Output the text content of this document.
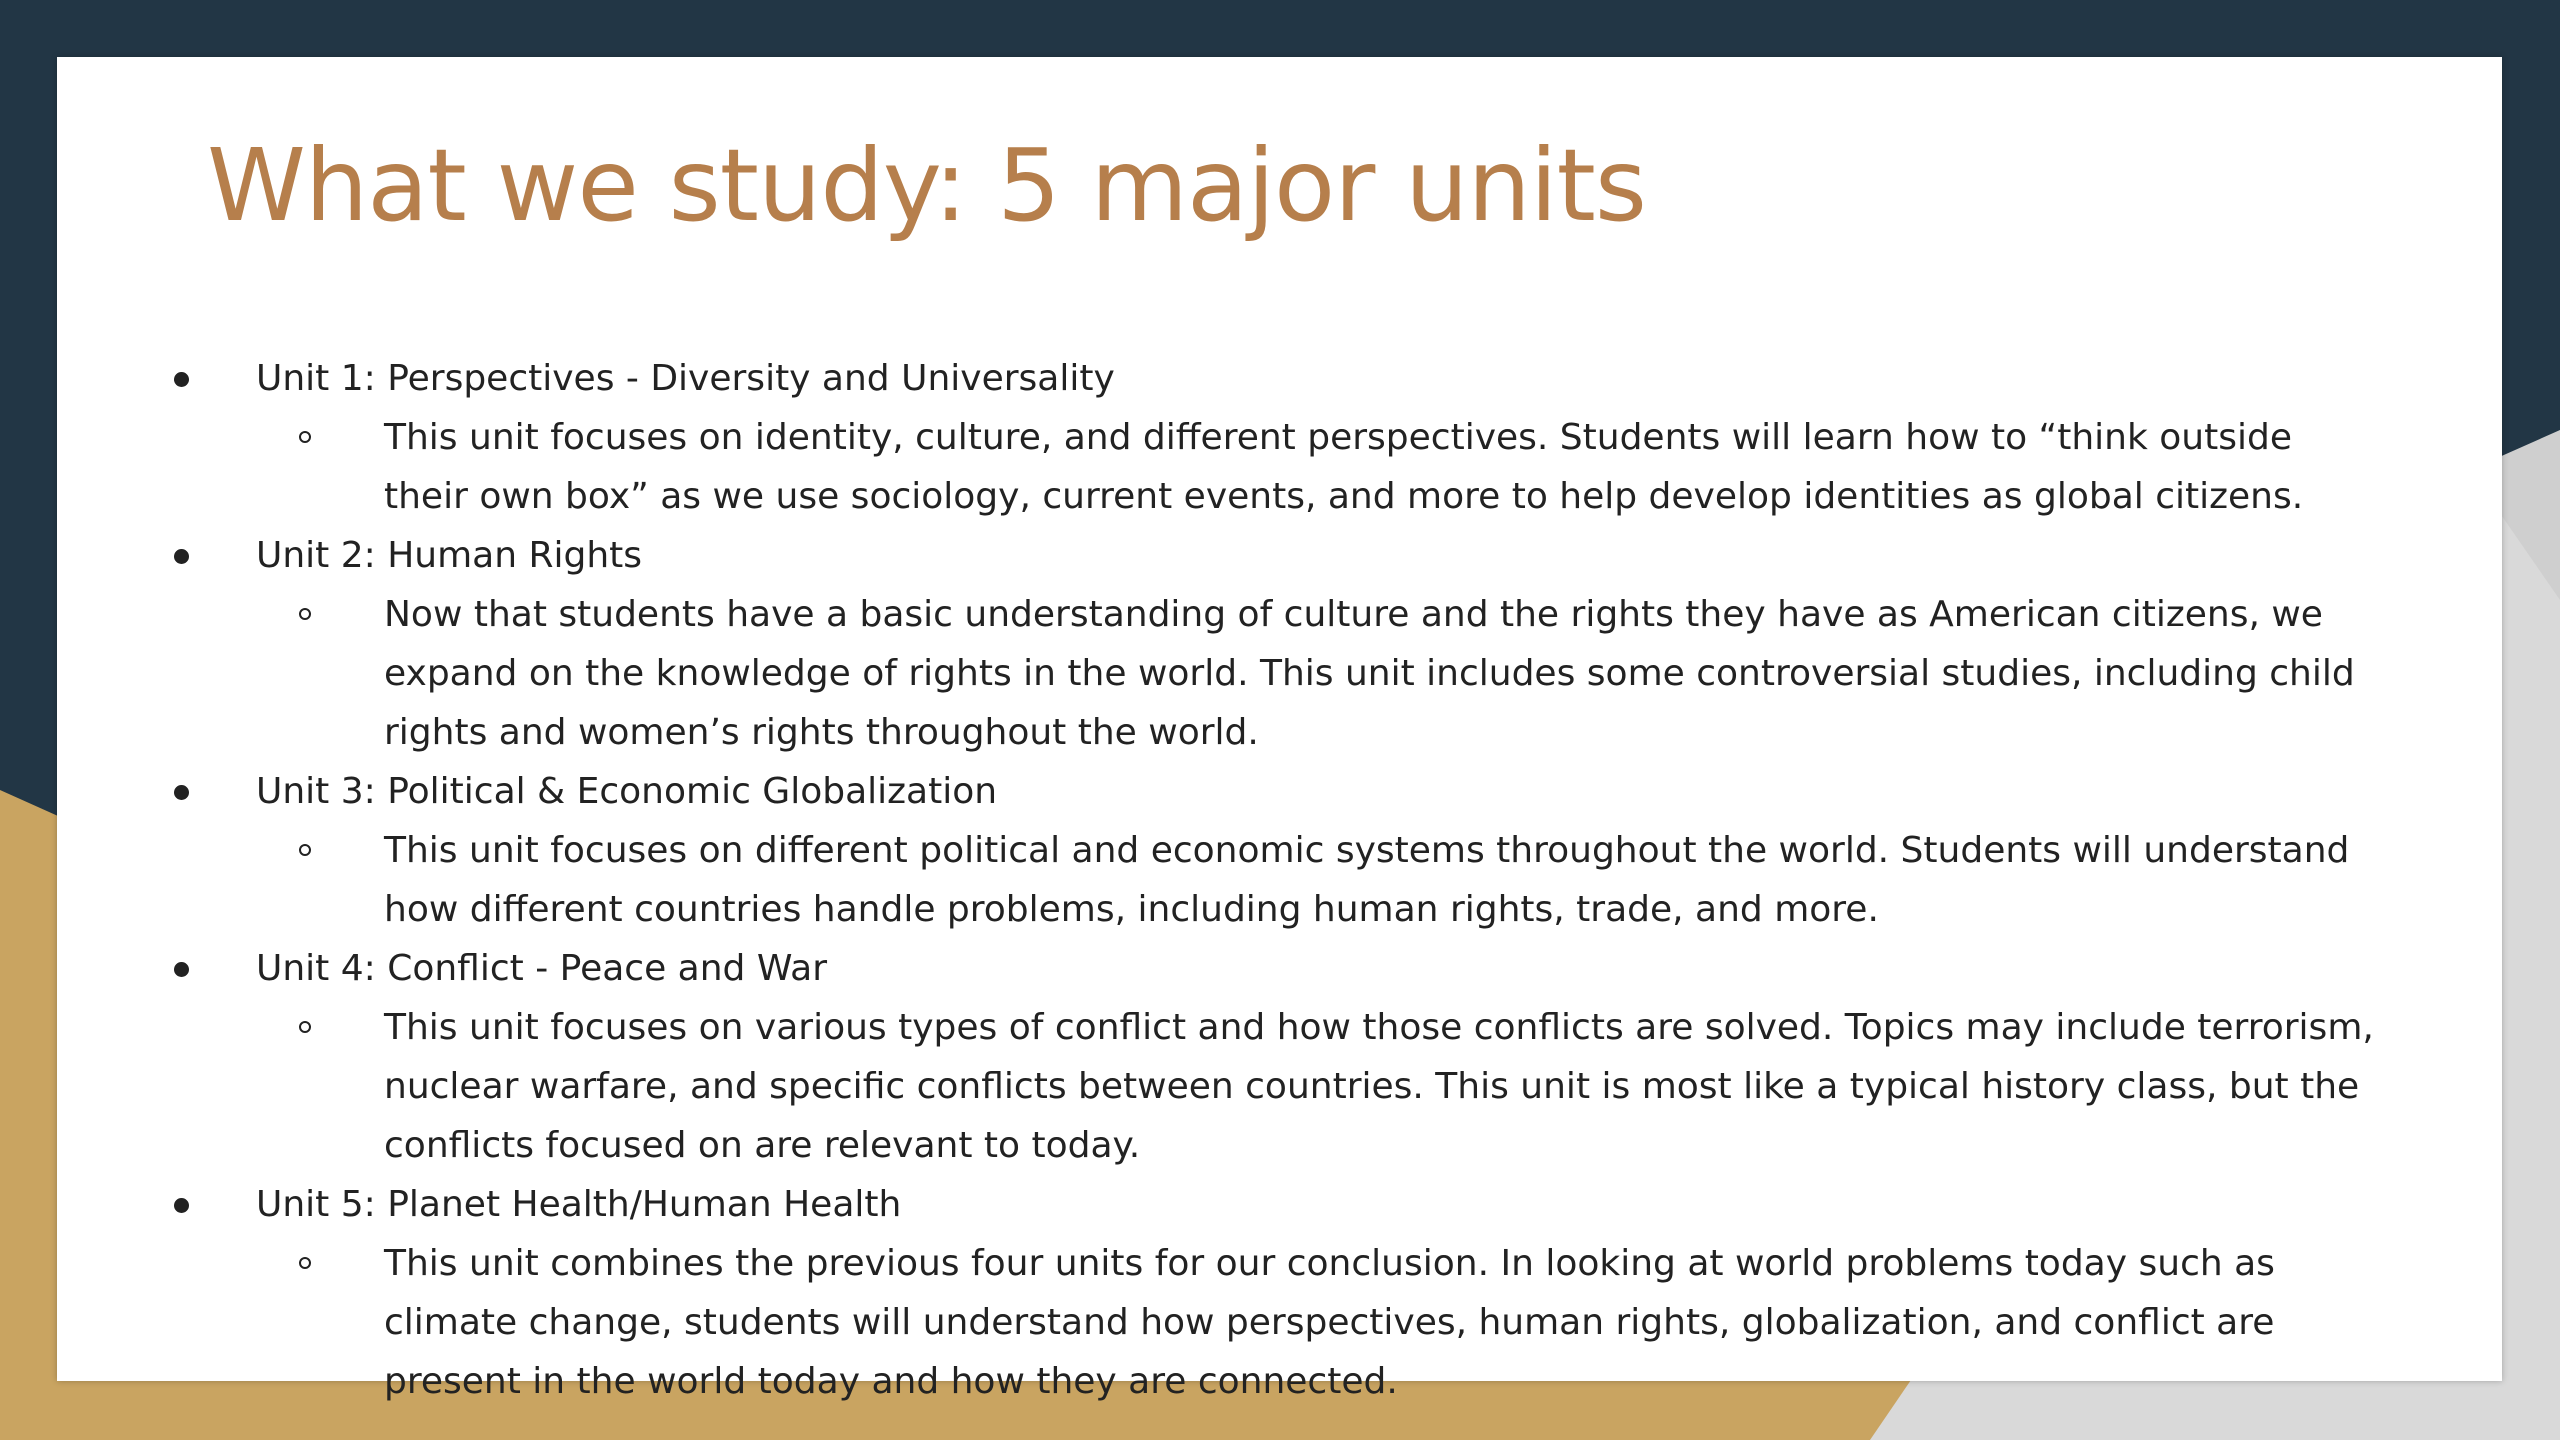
What we study: 5 major units
Unit 1: Perspectives - Diversity and Universality
This unit focuses on identity, culture, and different perspectives. Students will learn how to “think outside their own box” as we use sociology, current events, and more to help develop identities as global citizens.
Unit 2: Human Rights
Now that students have a basic understanding of culture and the rights they have as American citizens, we expand on the knowledge of rights in the world. This unit includes some controversial studies, including child rights and women’s rights throughout the world.
Unit 3: Political & Economic Globalization
This unit focuses on different political and economic systems throughout the world. Students will understand how different countries handle problems, including human rights, trade, and more.
Unit 4: Conflict - Peace and War
This unit focuses on various types of conflict and how those conflicts are solved. Topics may include terrorism, nuclear warfare, and specific conflicts between countries. This unit is most like a typical history class, but the conflicts focused on are relevant to today.
Unit 5: Planet Health/Human Health
This unit combines the previous four units for our conclusion. In looking at world problems today such as climate change, students will understand how perspectives, human rights, globalization, and conflict are present in the world today and how they are connected.
